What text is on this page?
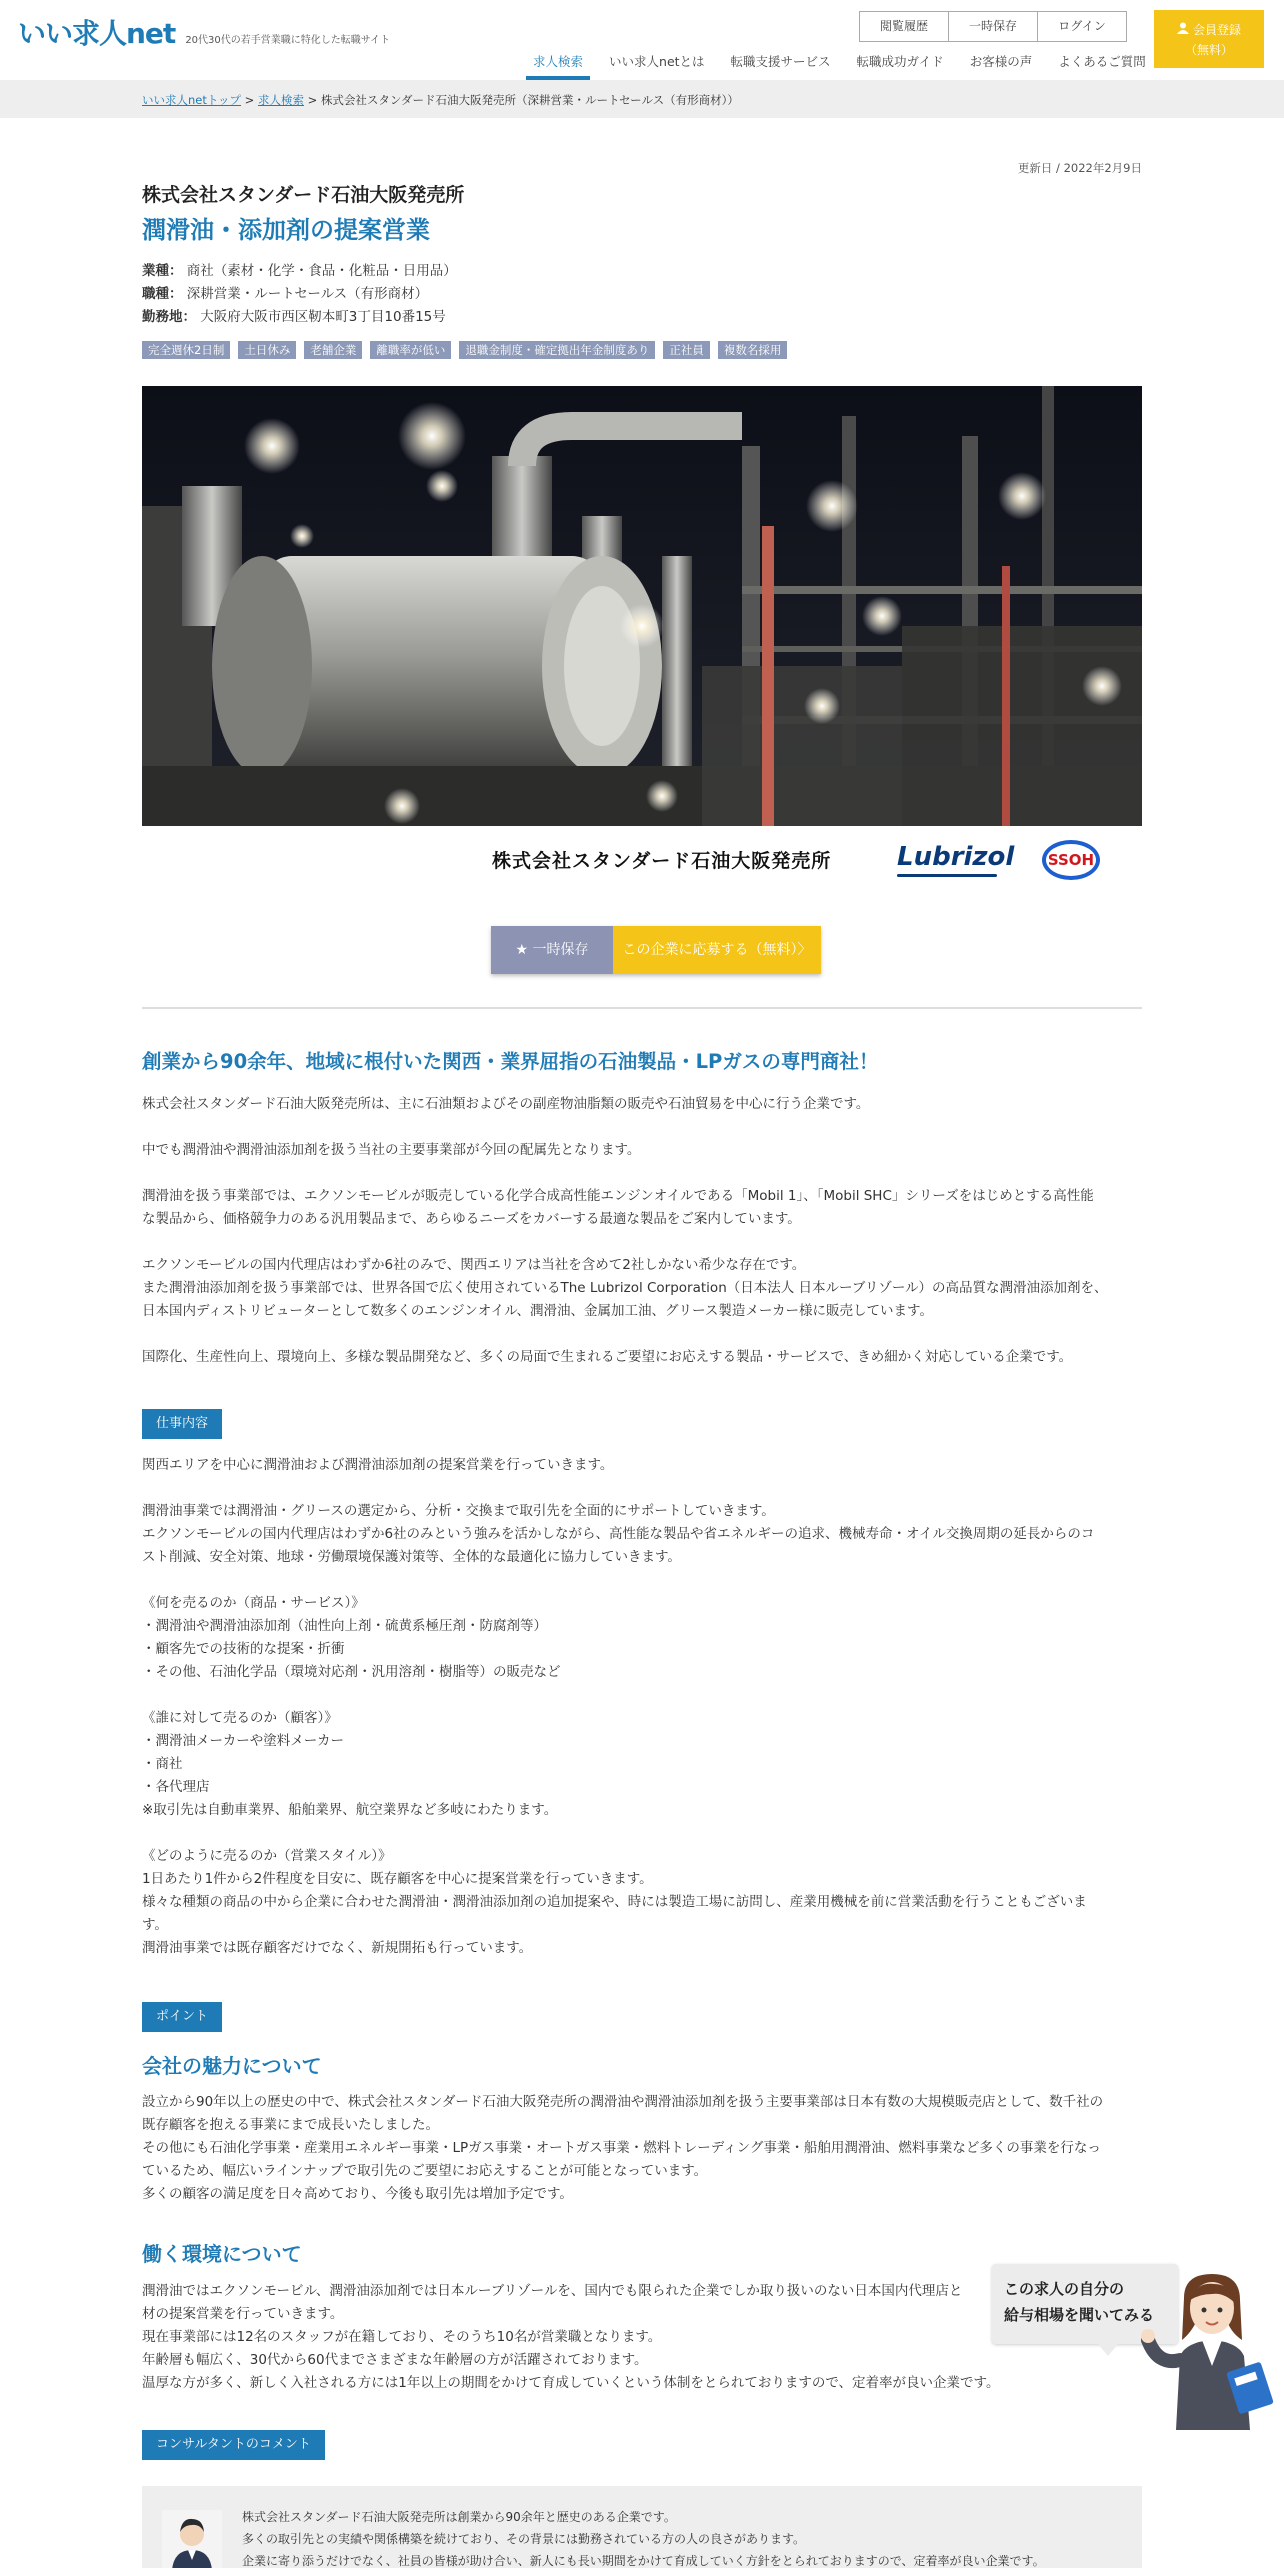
いい求人net 20代30代の若手営業職に特化した転職サイト
閲覧履歴	一時保存	ログイン	会員登録
（無料）
求人検索	いい求人netとは	転職支援サービス	転職成功ガイド	お客様の声	よくあるご質問
いい求人netトップ > 求人検索 > 株式会社スタンダード石油大阪発売所（深耕営業・ルートセールス（有形商材））
更新日 / 2022年2月9日
株式会社スタンダード石油大阪発売所
潤滑油・添加剤の提案営業
業種： 商社（素材・化学・食品・化粧品・日用品）
職種： 深耕営業・ルートセールス（有形商材）
勤務地： 大阪府大阪市西区靭本町3丁目10番15号
完全週休2日制	土日休み	老舗企業	離職率が低い	退職金制度・確定拠出年金制度あり	正社員	複数名採用
株式会社スタンダード石油大阪発売所	Lubrizol	SSOH
★ 一時保存	この企業に応募する（無料）〉
創業から90余年、地域に根付いた関西・業界屈指の石油製品・LPガスの専門商社！
株式会社スタンダード石油大阪発売所は、主に石油類およびその副産物油脂類の販売や石油貿易を中心に行う企業です。
中でも潤滑油や潤滑油添加剤を扱う当社の主要事業部が今回の配属先となります。
潤滑油を扱う事業部では、エクソンモービルが販売している化学合成高性能エンジンオイルである「Mobil 1」、「Mobil SHC」シリーズをはじめとする高性能
な製品から、価格競争力のある汎用製品まで、あらゆるニーズをカバーする最適な製品をご案内しています。
エクソンモービルの国内代理店はわずか6社のみで、関西エリアは当社を含めて2社しかない希少な存在です。
また潤滑油添加剤を扱う事業部では、世界各国で広く使用されているThe Lubrizol Corporation（日本法人 日本ルーブリゾール）の高品質な潤滑油添加剤を、
日本国内ディストリビューターとして数多くのエンジンオイル、潤滑油、金属加工油、グリース製造メーカー様に販売しています。
国際化、生産性向上、環境向上、多様な製品開発など、多くの局面で生まれるご要望にお応えする製品・サービスで、きめ細かく対応している企業です。
仕事内容
関西エリアを中心に潤滑油および潤滑油添加剤の提案営業を行っていきます。
潤滑油事業では潤滑油・グリースの選定から、分析・交換まで取引先を全面的にサポートしていきます。
エクソンモービルの国内代理店はわずか6社のみという強みを活かしながら、高性能な製品や省エネルギーの追求、機械寿命・オイル交換周期の延長からのコ
スト削減、安全対策、地球・労働環境保護対策等、全体的な最適化に協力していきます。
《何を売るのか（商品・サービス）》
・潤滑油や潤滑油添加剤（油性向上剤・硫黄系極圧剤・防腐剤等）
・顧客先での技術的な提案・折衝
・その他、石油化学品（環境対応剤・汎用溶剤・樹脂等）の販売など
《誰に対して売るのか（顧客）》
・潤滑油メーカーや塗料メーカー
・商社
・各代理店
※取引先は自動車業界、船舶業界、航空業界など多岐にわたります。
《どのように売るのか（営業スタイル）》
1日あたり1件から2件程度を目安に、既存顧客を中心に提案営業を行っていきます。
様々な種類の商品の中から企業に合わせた潤滑油・潤滑油添加剤の追加提案や、時には製造工場に訪問し、産業用機械を前に営業活動を行うこともございま
す。
潤滑油事業では既存顧客だけでなく、新規開拓も行っています。
ポイント
会社の魅力について
設立から90年以上の歴史の中で、株式会社スタンダード石油大阪発売所の潤滑油や潤滑油添加剤を扱う主要事業部は日本有数の大規模販売店として、数千社の
既存顧客を抱える事業にまで成長いたしました。
その他にも石油化学事業・産業用エネルギー事業・LPガス事業・オートガス事業・燃料トレーディング事業・船舶用潤滑油、燃料事業など多くの事業を行なっ
ているため、幅広いラインナップで取引先のご要望にお応えすることが可能となっています。
多くの顧客の満足度を日々高めており、今後も取引先は増加予定です。
働く環境について
潤滑油ではエクソンモービル、潤滑油添加剤では日本ルーブリゾールを、国内でも限られた企業でしか取り扱いのない日本国内代理店と
材の提案営業を行っていきます。
現在事業部には12名のスタッフが在籍しており、そのうち10名が営業職となります。
年齢層も幅広く、30代から60代までさまざまな年齢層の方が活躍されております。
温厚な方が多く、新しく入社される方には1年以上の期間をかけて育成していくという体制をとられておりますので、定着率が良い企業です。
コンサルタントのコメント
株式会社スタンダード石油大阪発売所は創業から90余年と歴史のある企業です。
多くの取引先との実績や関係構築を続けており、その背景には勤務されている方の人の良さがあります。
企業に寄り添うだけでなく、社員の皆様が助け合い、新人にも長い期間をかけて育成していく方針をとられておりますので、定着率が良い企業です。
この求人の自分の
給与相場を聞いてみる
